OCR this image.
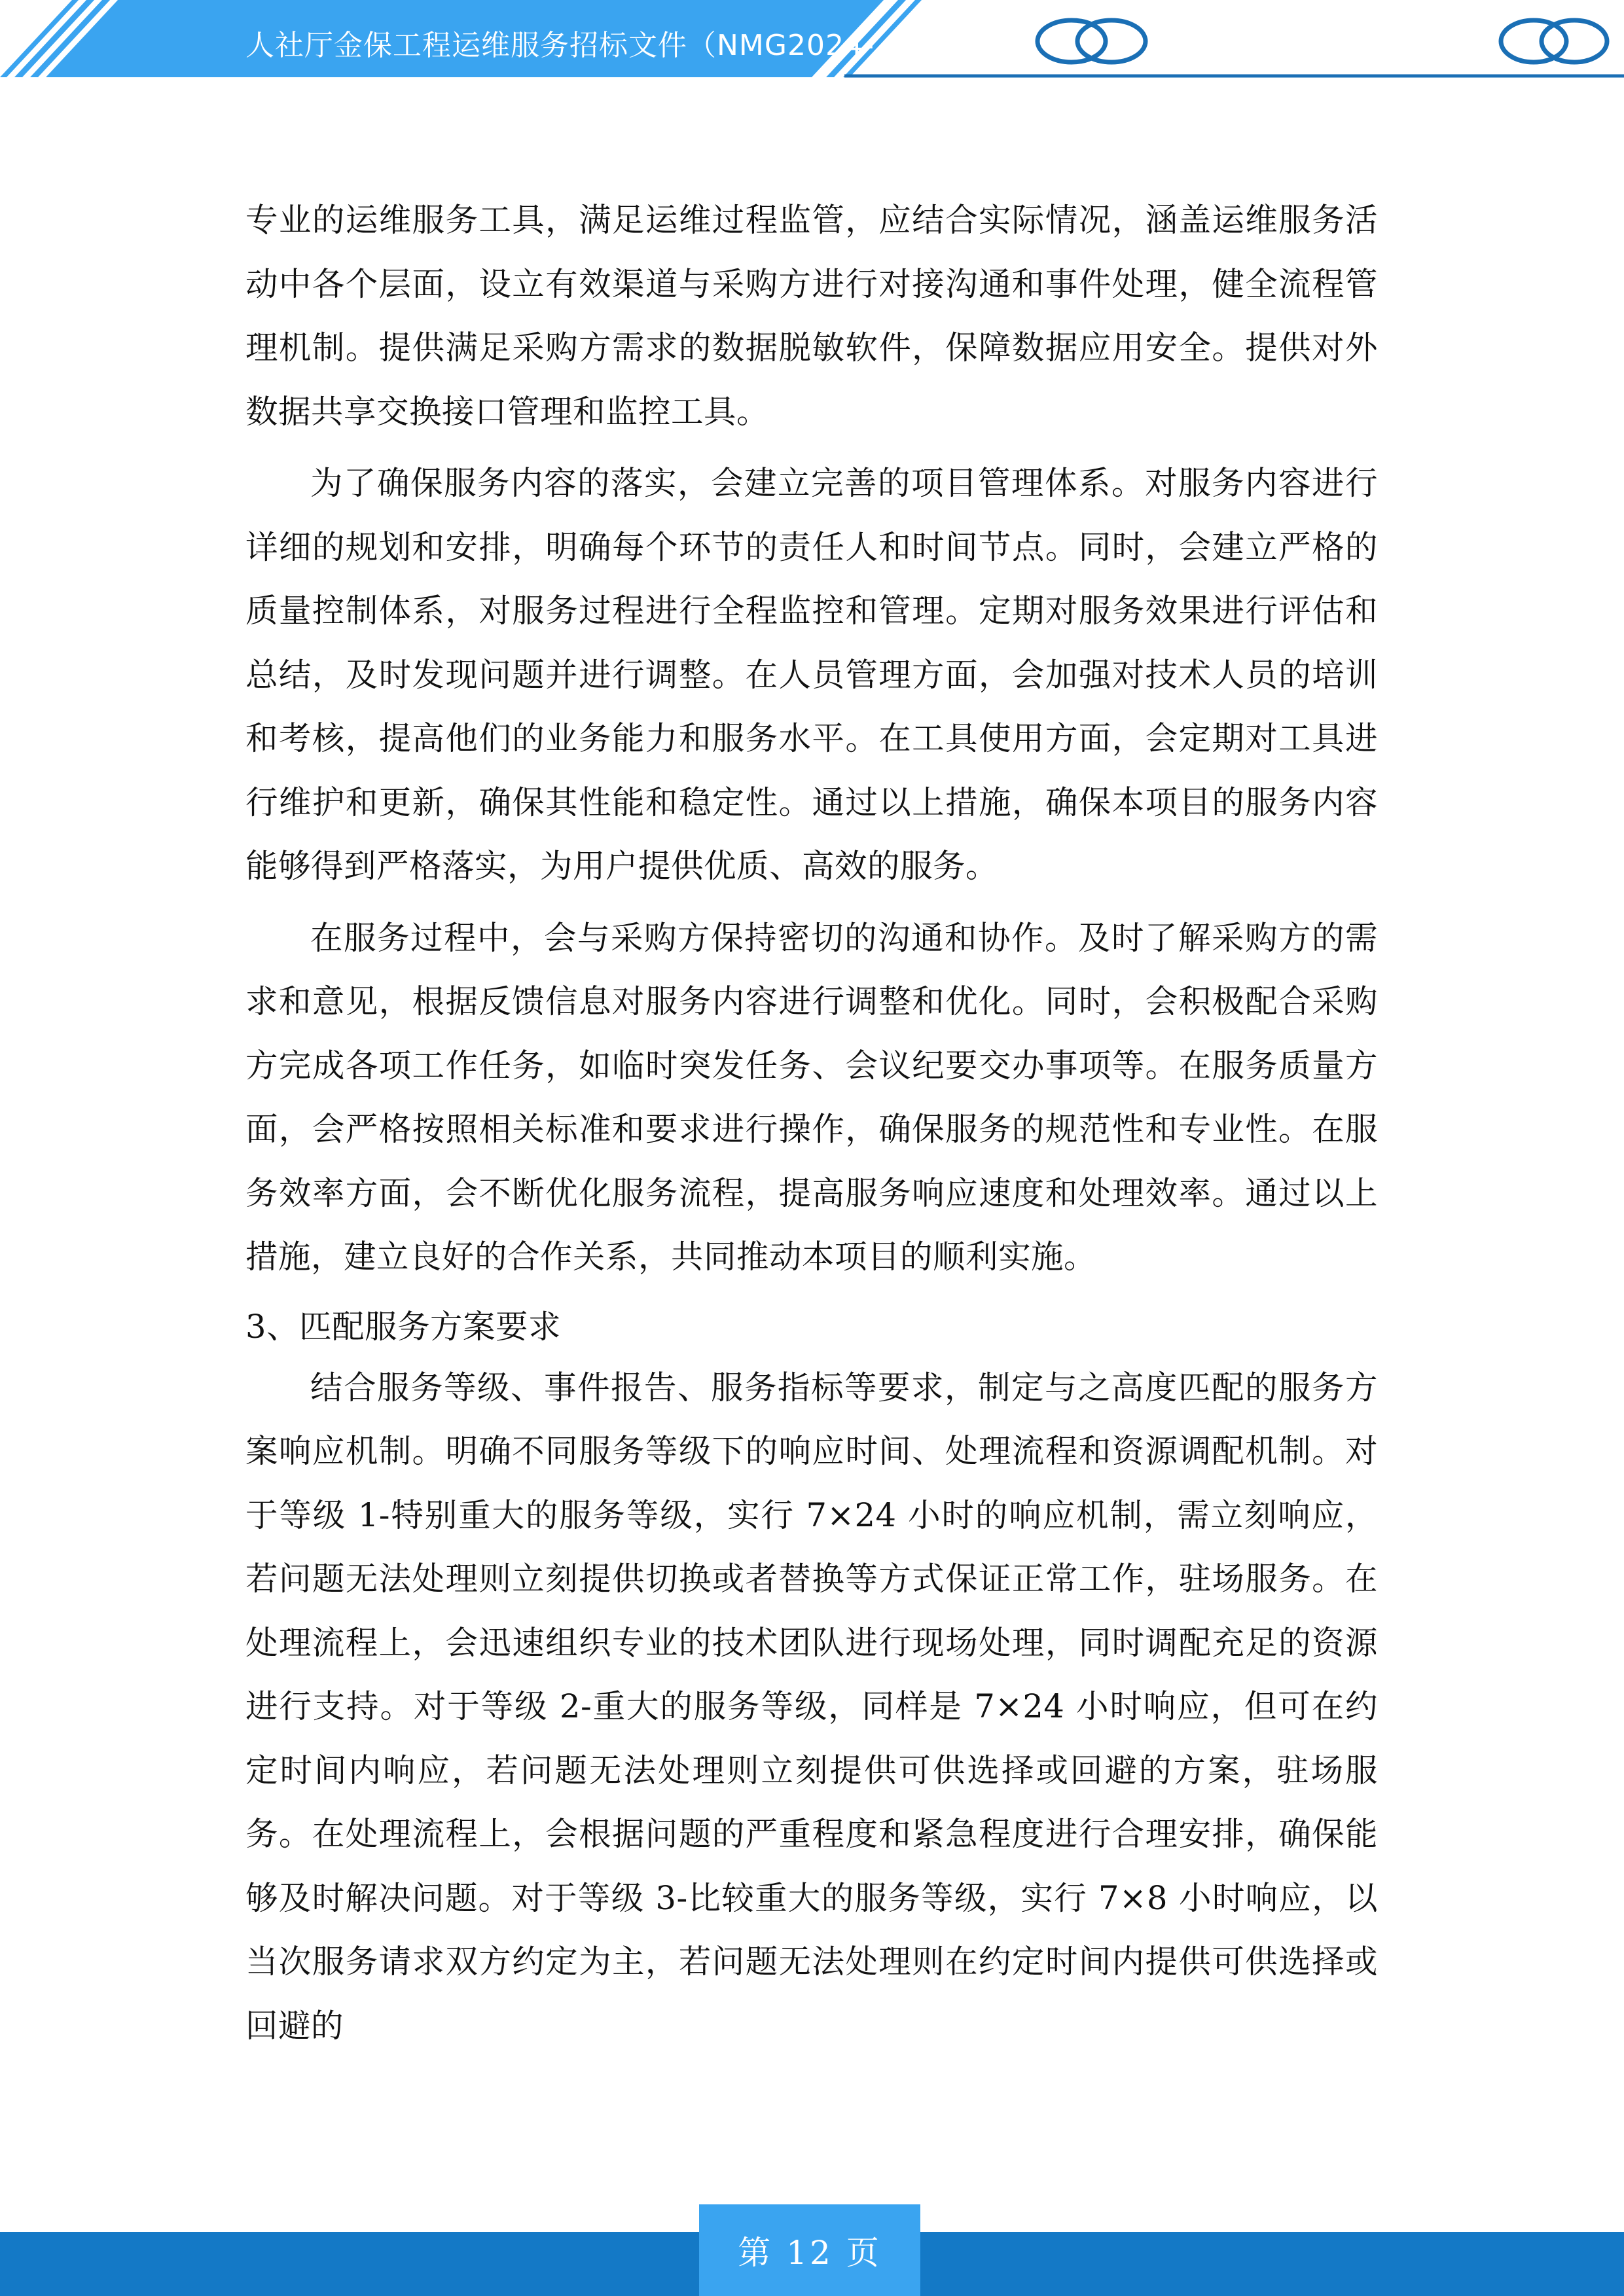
人社厅金保工程运维服务招标文件（NMG2024-

专业的运维服务工具，满足运维过程监管，应结合实际情况，涵盖运维服务活动中各个层面，设立有效渠道与采购方进行对接沟通和事件处理，健全流程管理机制。提供满足采购方需求的数据脱敏软件，保障数据应用安全。提供对外数据共享交换接口管理和监控工具。

为了确保服务内容的落实，会建立完善的项目管理体系。对服务内容进行详细的规划和安排，明确每个环节的责任人和时间节点。同时，会建立严格的质量控制体系，对服务过程进行全程监控和管理。定期对服务效果进行评估和总结，及时发现问题并进行调整。在人员管理方面，会加强对技术人员的培训和考核，提高他们的业务能力和服务水平。在工具使用方面，会定期对工具进行维护和更新，确保其性能和稳定性。通过以上措施，确保本项目的服务内容能够得到严格落实，为用户提供优质、高效的服务。

在服务过程中，会与采购方保持密切的沟通和协作。及时了解采购方的需求和意见，根据反馈信息对服务内容进行调整和优化。同时，会积极配合采购方完成各项工作任务，如临时突发任务、会议纪要交办事项等。在服务质量方面，会严格按照相关标准和要求进行操作，确保服务的规范性和专业性。在服务效率方面，会不断优化服务流程，提高服务响应速度和处理效率。通过以上措施，建立良好的合作关系，共同推动本项目的顺利实施。

3、匹配服务方案要求

结合服务等级、事件报告、服务指标等要求，制定与之高度匹配的服务方案响应机制。明确不同服务等级下的响应时间、处理流程和资源调配机制。对于等级 1-特别重大的服务等级，实行 7×24 小时的响应机制，需立刻响应，若问题无法处理则立刻提供切换或者替换等方式保证正常工作，驻场服务。在处理流程上，会迅速组织专业的技术团队进行现场处理，同时调配充足的资源进行支持。对于等级 2-重大的服务等级，同样是 7×24 小时响应，但可在约定时间内响应，若问题无法处理则立刻提供可供选择或回避的方案，驻场服务。在处理流程上，会根据问题的严重程度和紧急程度进行合理安排，确保能够及时解决问题。对于等级 3-比较重大的服务等级，实行 7×8 小时响应，以当次服务请求双方约定为主，若问题无法处理则在约定时间内提供可供选择或回避的

第 12 页
